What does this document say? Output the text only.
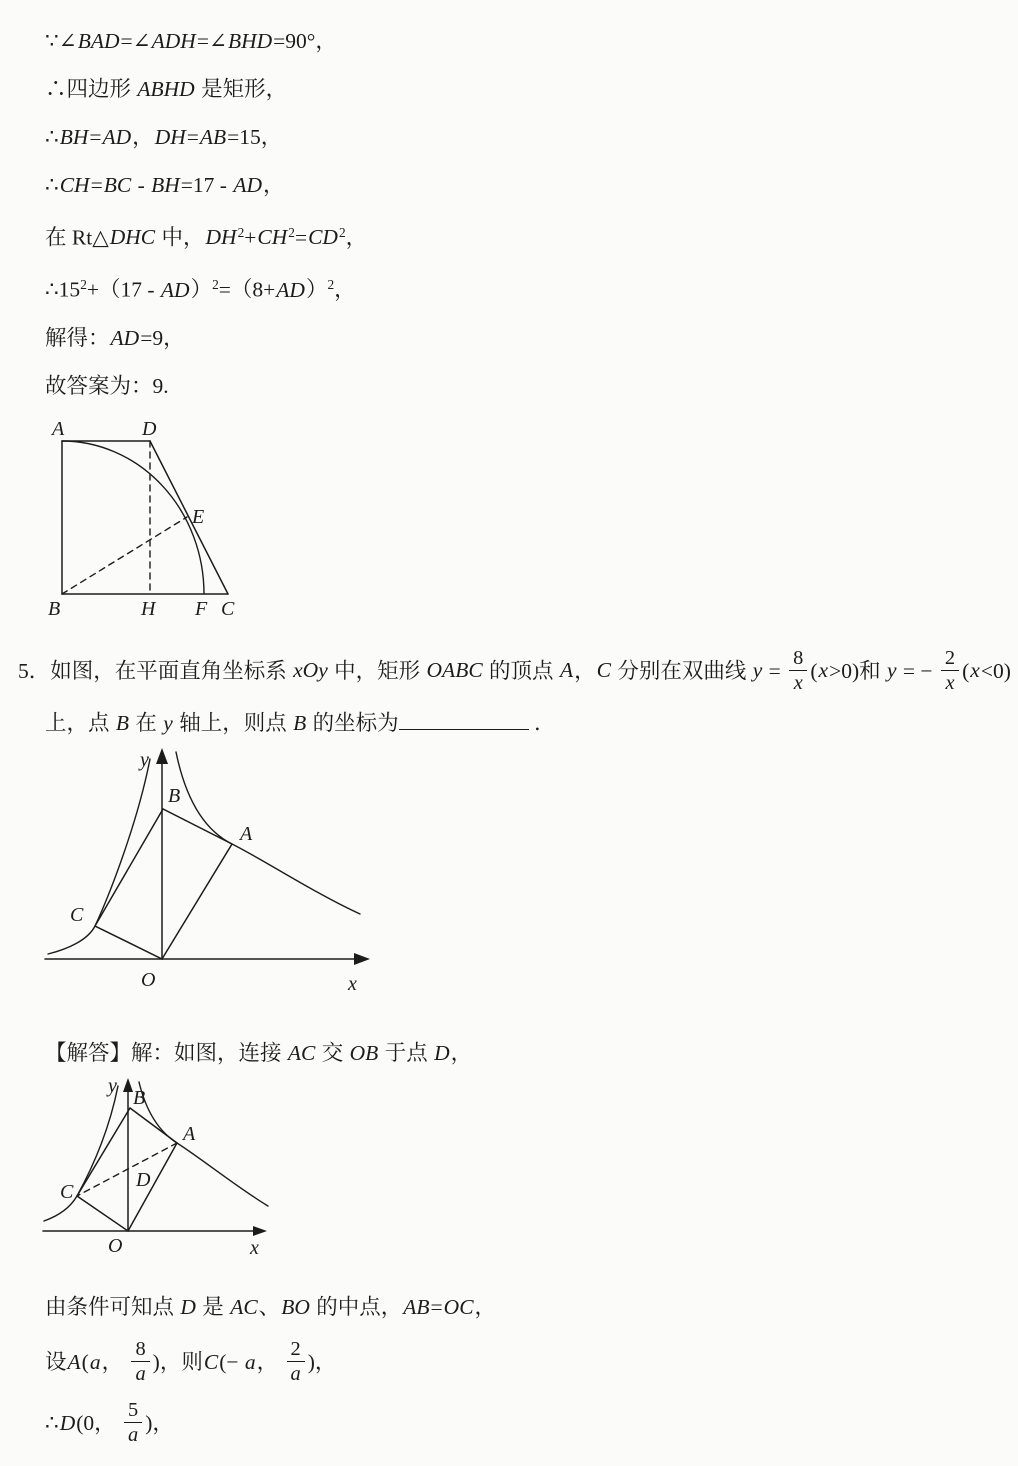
∵∠BAD=∠ADH=∠BHD=90°，
∴四边形 ABHD 是矩形，
∴BH=AD，DH=AB=15，
∴CH=BC - BH=17 - AD，
在 Rt△DHC 中，$DH^2+CH^2=CD^2$，
$\therefore 15^2+(17 - AD)^2=(8+AD)^2$，
解得：AD=9，
故答案为：9.
A	D
E
B	H F C
5．如图，在平面直角坐标系 xOy 中，矩形 OABC 的顶点 A，C 分别在双曲线 $y = \frac{8}{x} (x>0)$和 y = − $\frac{2}{x} (x<0)$
上，点 B 在 y 轴上，则点 B 的坐标为	．
y
x
O
B
A
C
【解答】解：如图，连接 AC 交 OB 于点 D，
y
x
O
B
A
C
D
由条件可知点 D 是 AC、BO 的中点，AB=OC，
设A(a， $\frac{8}{a}$ )，则C(− a， $\frac{2}{a}$ )，
∴D(0， $\frac{5}{a}$ )，
